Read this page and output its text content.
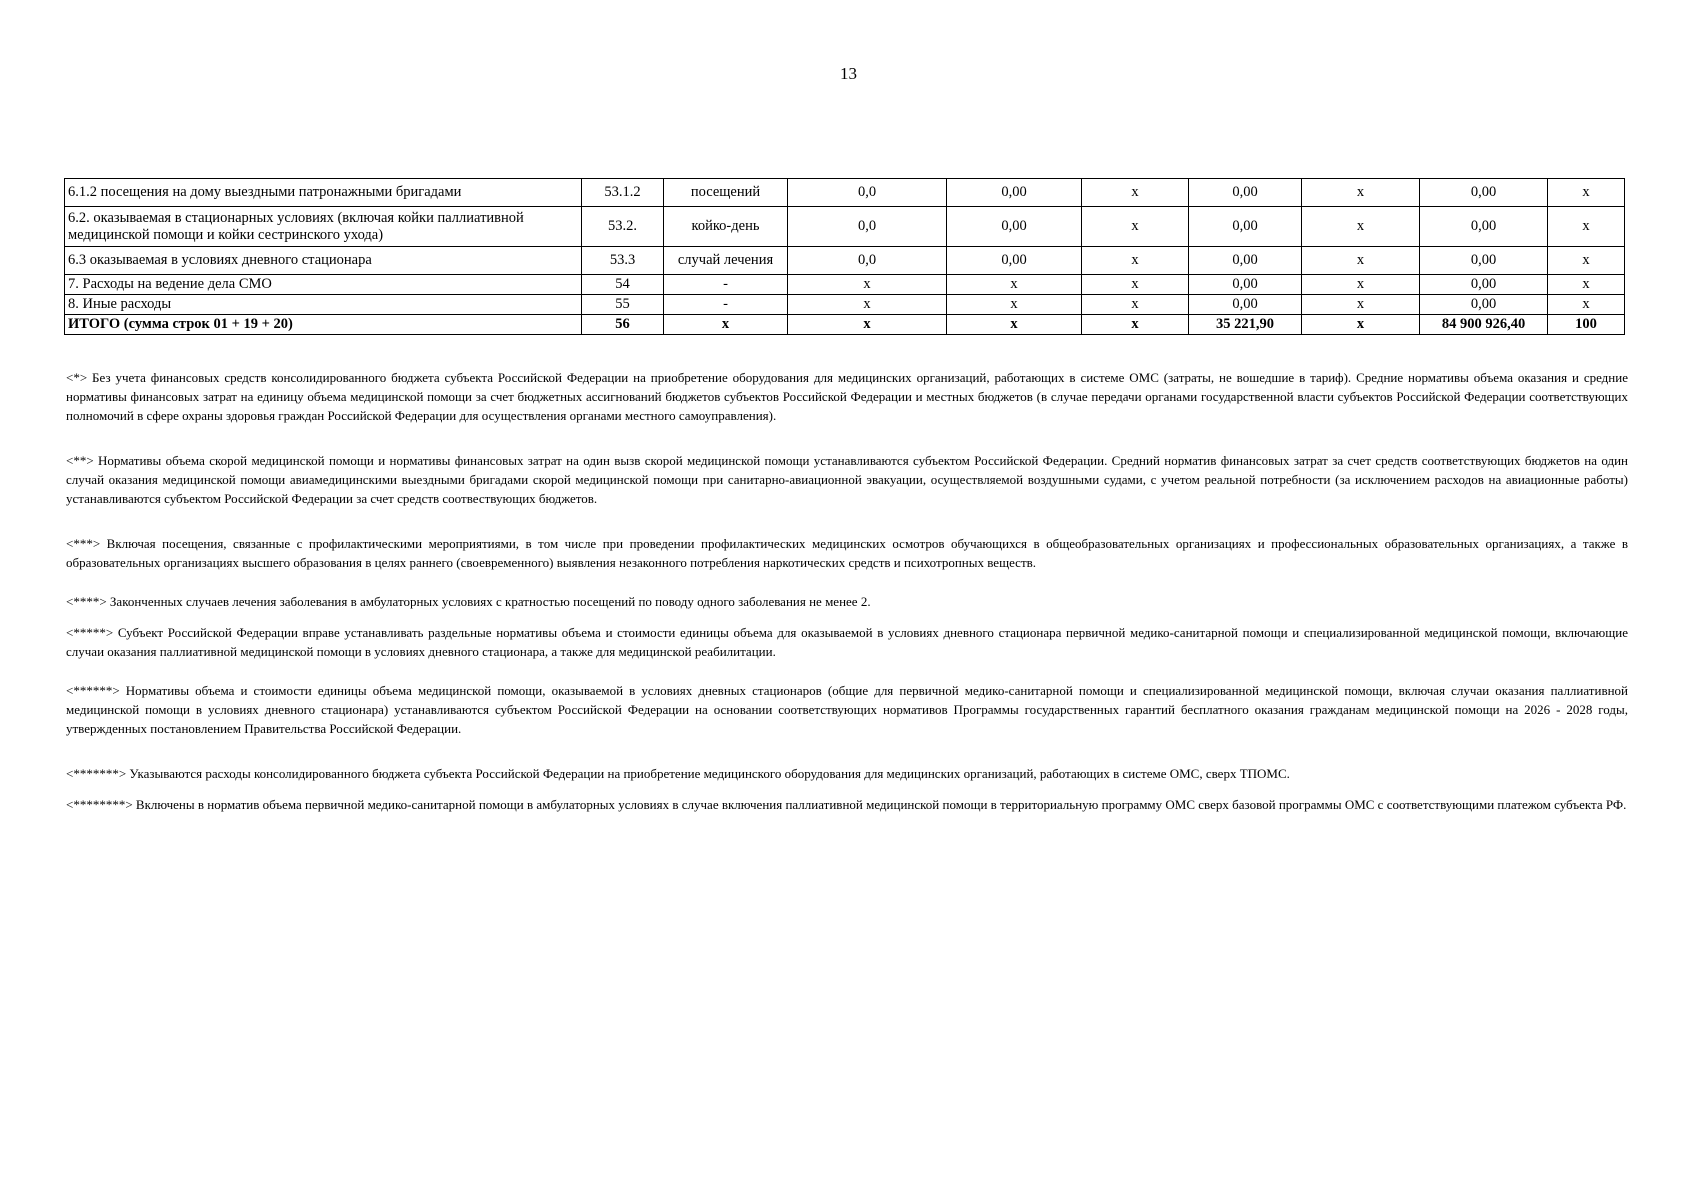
13
6.1.2 посещения на дому выездными патронажными бригадами	53.1.2	посещений	0,0	0,00	х	0,00	х	0,00	х
6.2. оказываемая в стационарных условиях (включая койки паллиативной медицинской помощи и койки сестринского ухода)	53.2.	койко-день	0,0	0,00	х	0,00	х	0,00	х
6.3 оказываемая в условиях дневного стационара	53.3	случай лечения	0,0	0,00	х	0,00	х	0,00	х
7. Расходы на ведение дела СМО	54	-	х	х	х	0,00	х	0,00	х
8. Иные расходы	55	-	х	х	х	0,00	х	0,00	х
ИТОГО (сумма строк 01 + 19 + 20)	56	х	х	х	х	35 221,90	х	84 900 926,40	100

<*> Без учета финансовых средств консолидированного бюджета субъекта Российской Федерации на приобретение оборудования для медицинских организаций, работающих в системе ОМС (затраты, не вошедшие в тариф). Средние нормативы объема оказания и средние нормативы финансовых затрат на единицу объема медицинской помощи за счет бюджетных ассигнований бюджетов субъектов Российской Федерации и местных бюджетов (в случае передачи органами государственной власти субъектов Российской Федерации соответствующих полномочий в сфере охраны здоровья граждан Российской Федерации для осуществления органами местного самоуправления).

<**> Нормативы объема скорой медицинской помощи и нормативы финансовых затрат на один вызв скорой медицинской помощи устанавливаются субъектом Российской Федерации. Средний норматив финансовых затрат за счет средств соответствующих бюджетов на один случай оказания медицинской помощи авиамедицинскими выездными бригадами скорой медицинской помощи при санитарно-авиационной эвакуации, осуществляемой воздушными судами, с учетом реальной потребности (за исключением расходов на авиационные работы) устанавливаются субъектом Российской Федерации за счет средств соотвествующих бюджетов.

<***> Включая посещения, связанные с профилактическими мероприятиями, в том числе при проведении профилактических медицинских осмотров обучающихся в общеобразовательных организациях и профессиональных образовательных организациях, а также в образовательных организациях высшего образования в целях раннего (своевременного) выявления незаконного потребления наркотических средств и психотропных веществ.

<****> Законченных случаев лечения заболевания в амбулаторных условиях с кратностью посещений по поводу одного заболевания не менее 2.

<*****> Субъект Российской Федерации вправе устанавливать раздельные нормативы объема и стоимости единицы объема для оказываемой в условиях дневного стационара первичной медико-санитарной помощи и специализированной медицинской помощи, включающие случаи оказания паллиативной медицинской помощи в условиях дневного стационара, а также для медицинской реабилитации.

<******> Нормативы объема и стоимости единицы объема медицинской помощи, оказываемой в условиях дневных стационаров (общие для первичной медико-санитарной помощи и специализированной медицинской помощи, включая случаи оказания паллиативной медицинской помощи в условиях дневного стационара) устанавливаются субъектом Российской Федерации на основании соответствующих нормативов Программы государственных гарантий бесплатного оказания гражданам медицинской помощи на 2026 - 2028 годы, утвержденных постановлением Правительства Российской Федерации.

<*******> Указываются расходы консолидированного бюджета субъекта Российской Федерации на приобретение медицинского оборудования для медицинских организаций, работающих в системе ОМС, сверх ТПОМС.

<********> Включены в норматив объема первичной медико-санитарной помощи в амбулаторных условиях в случае включения паллиативной медицинской помощи в территориальную программу ОМС сверх базовой программы ОМС с соответствующими платежом субъекта РФ.
